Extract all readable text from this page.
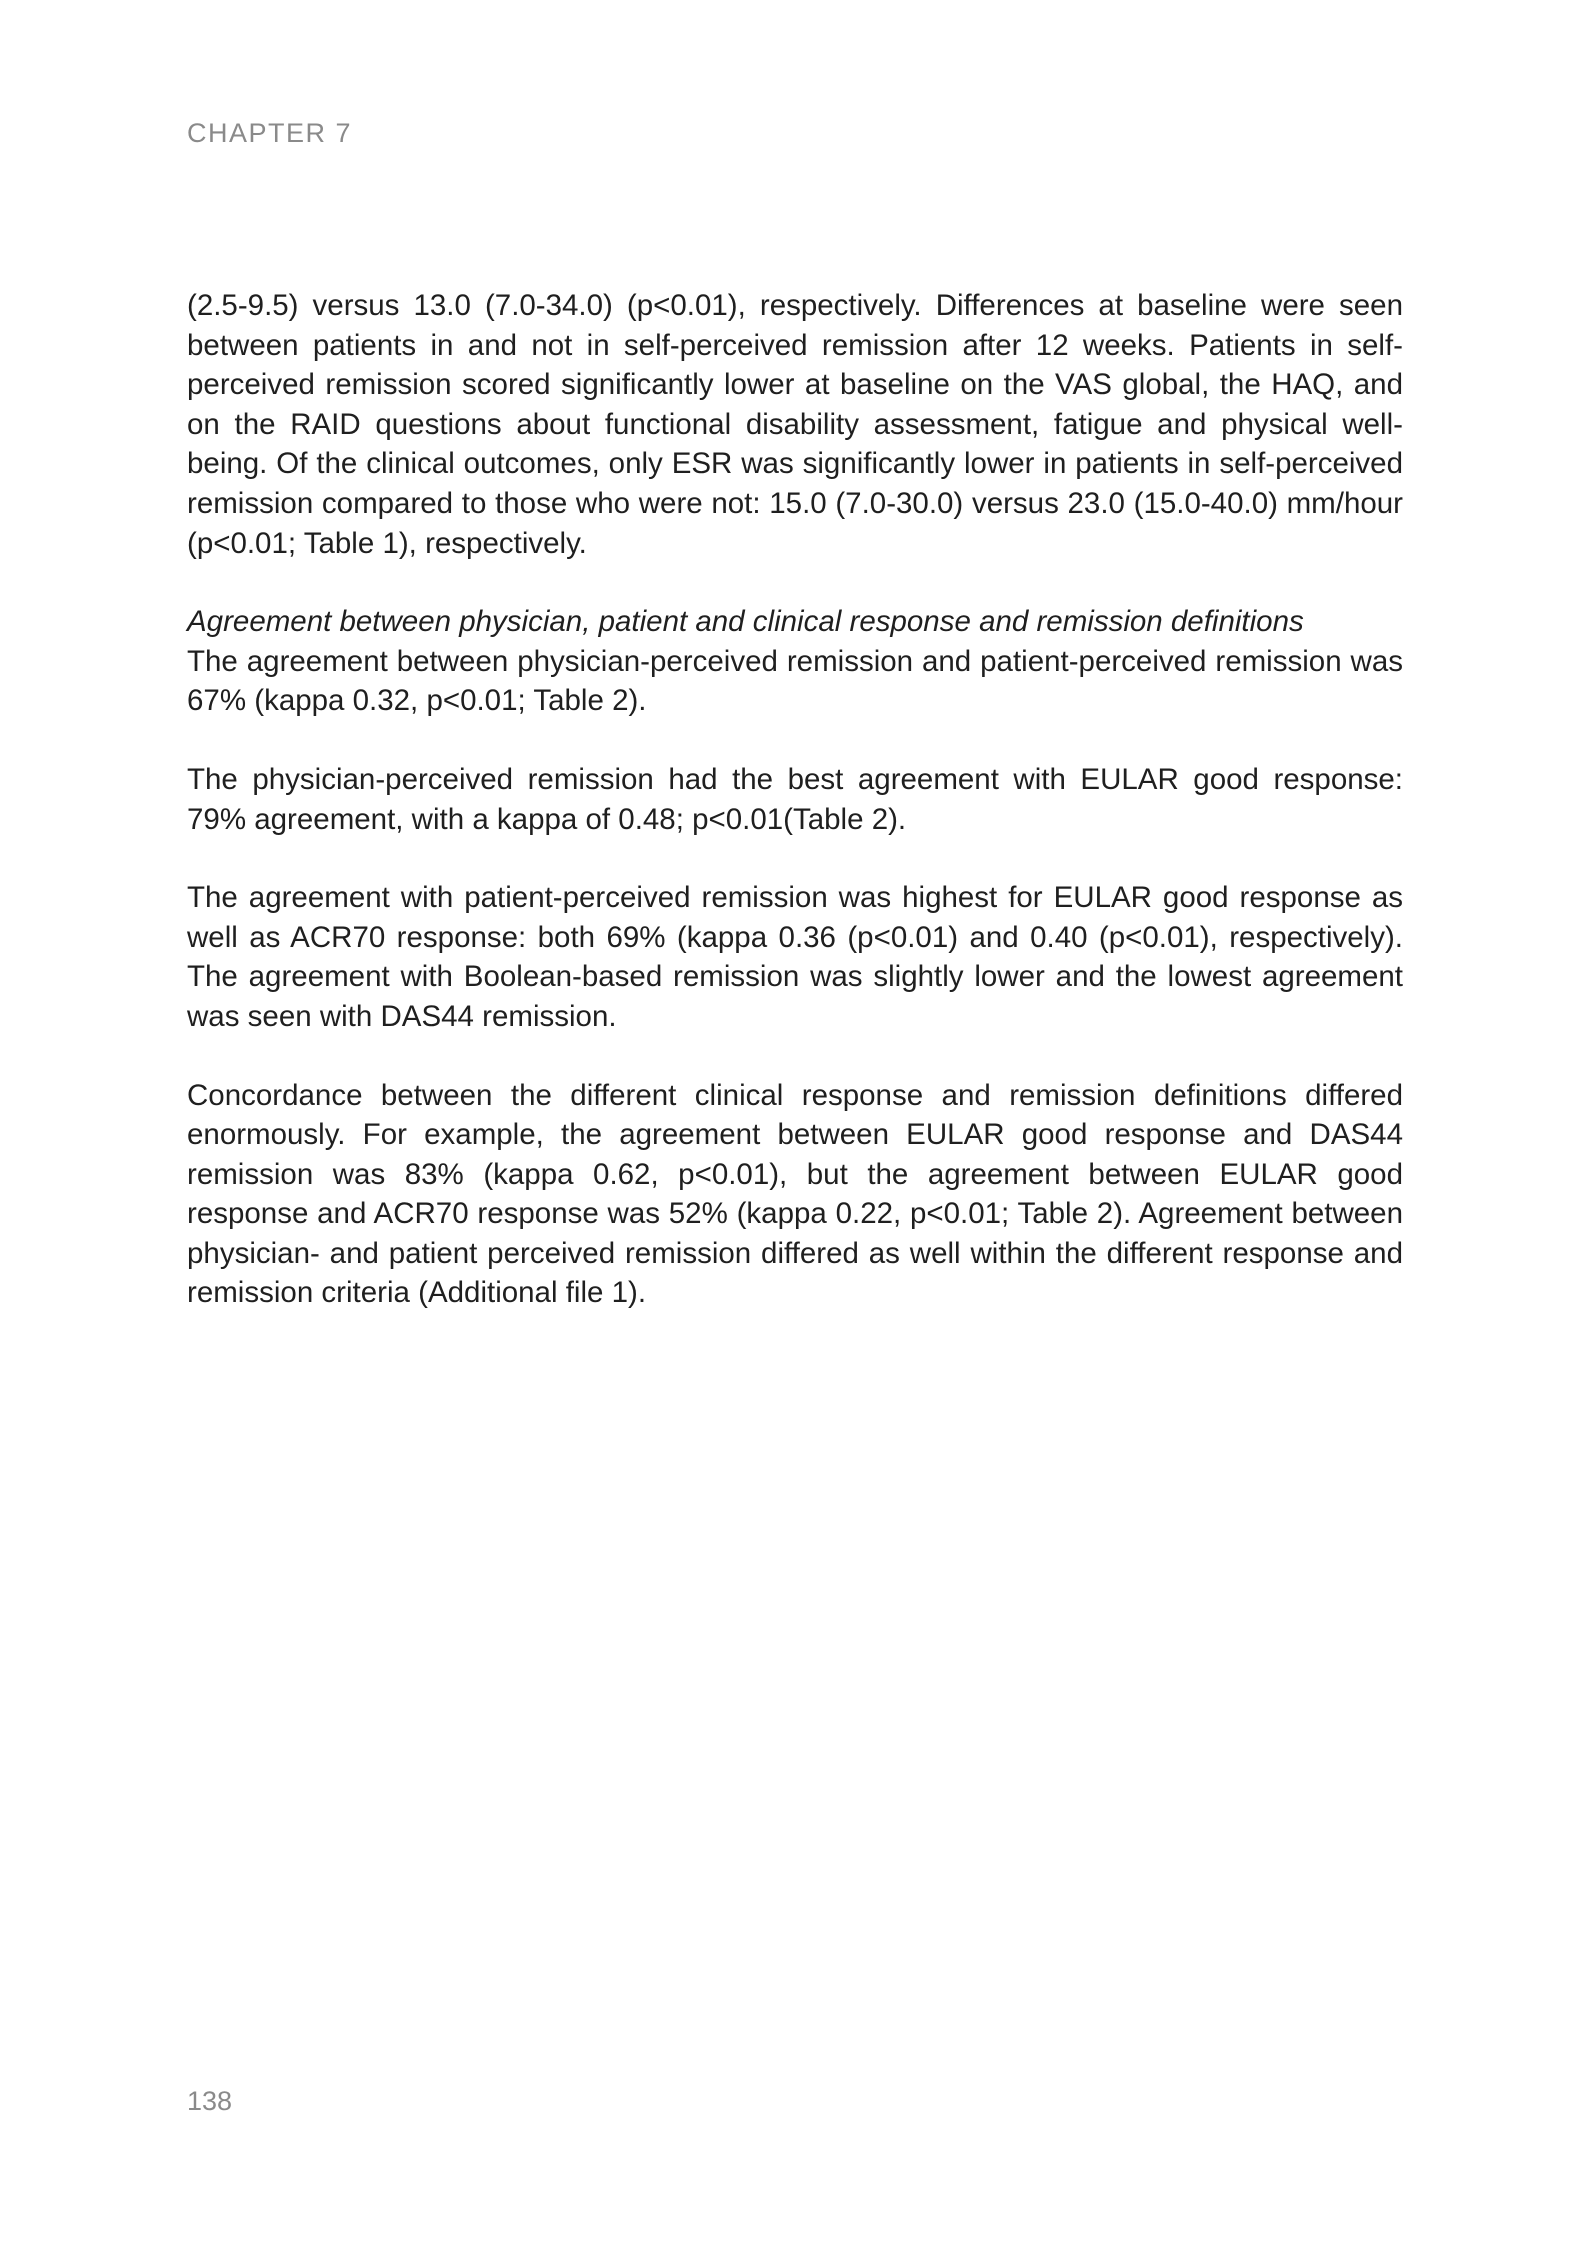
CHAPTER 7

(2.5-9.5) versus 13.0 (7.0-34.0) (p<0.01), respectively. Differences at baseline were seen between patients in and not in self-perceived remission after 12 weeks. Patients in self-perceived remission scored significantly lower at baseline on the VAS global, the HAQ, and on the RAID questions about functional disability assessment, fatigue and physical well-being. Of the clinical outcomes, only ESR was significantly lower in patients in self-perceived remission compared to those who were not: 15.0 (7.0-30.0) versus 23.0 (15.0-40.0) mm/hour (p<0.01; Table 1), respectively.

Agreement between physician, patient and clinical response and remission definitions
The agreement between physician-perceived remission and patient-perceived remission was 67% (kappa 0.32, p<0.01; Table 2).

The physician-perceived remission had the best agreement with EULAR good response: 79% agreement, with a kappa of 0.48; p<0.01(Table 2).

The agreement with patient-perceived remission was highest for EULAR good response as well as ACR70 response: both 69% (kappa 0.36 (p<0.01) and 0.40 (p<0.01), respectively). The agreement with Boolean-based remission was slightly lower and the lowest agreement was seen with DAS44 remission.

Concordance between the different clinical response and remission definitions differed enormously. For example, the agreement between EULAR good response and DAS44 remission was 83% (kappa 0.62, p<0.01), but the agreement between EULAR good response and ACR70 response was 52% (kappa 0.22, p<0.01; Table 2). Agreement between physician- and patient perceived remission differed as well within the different response and remission criteria (Additional file 1).

138
